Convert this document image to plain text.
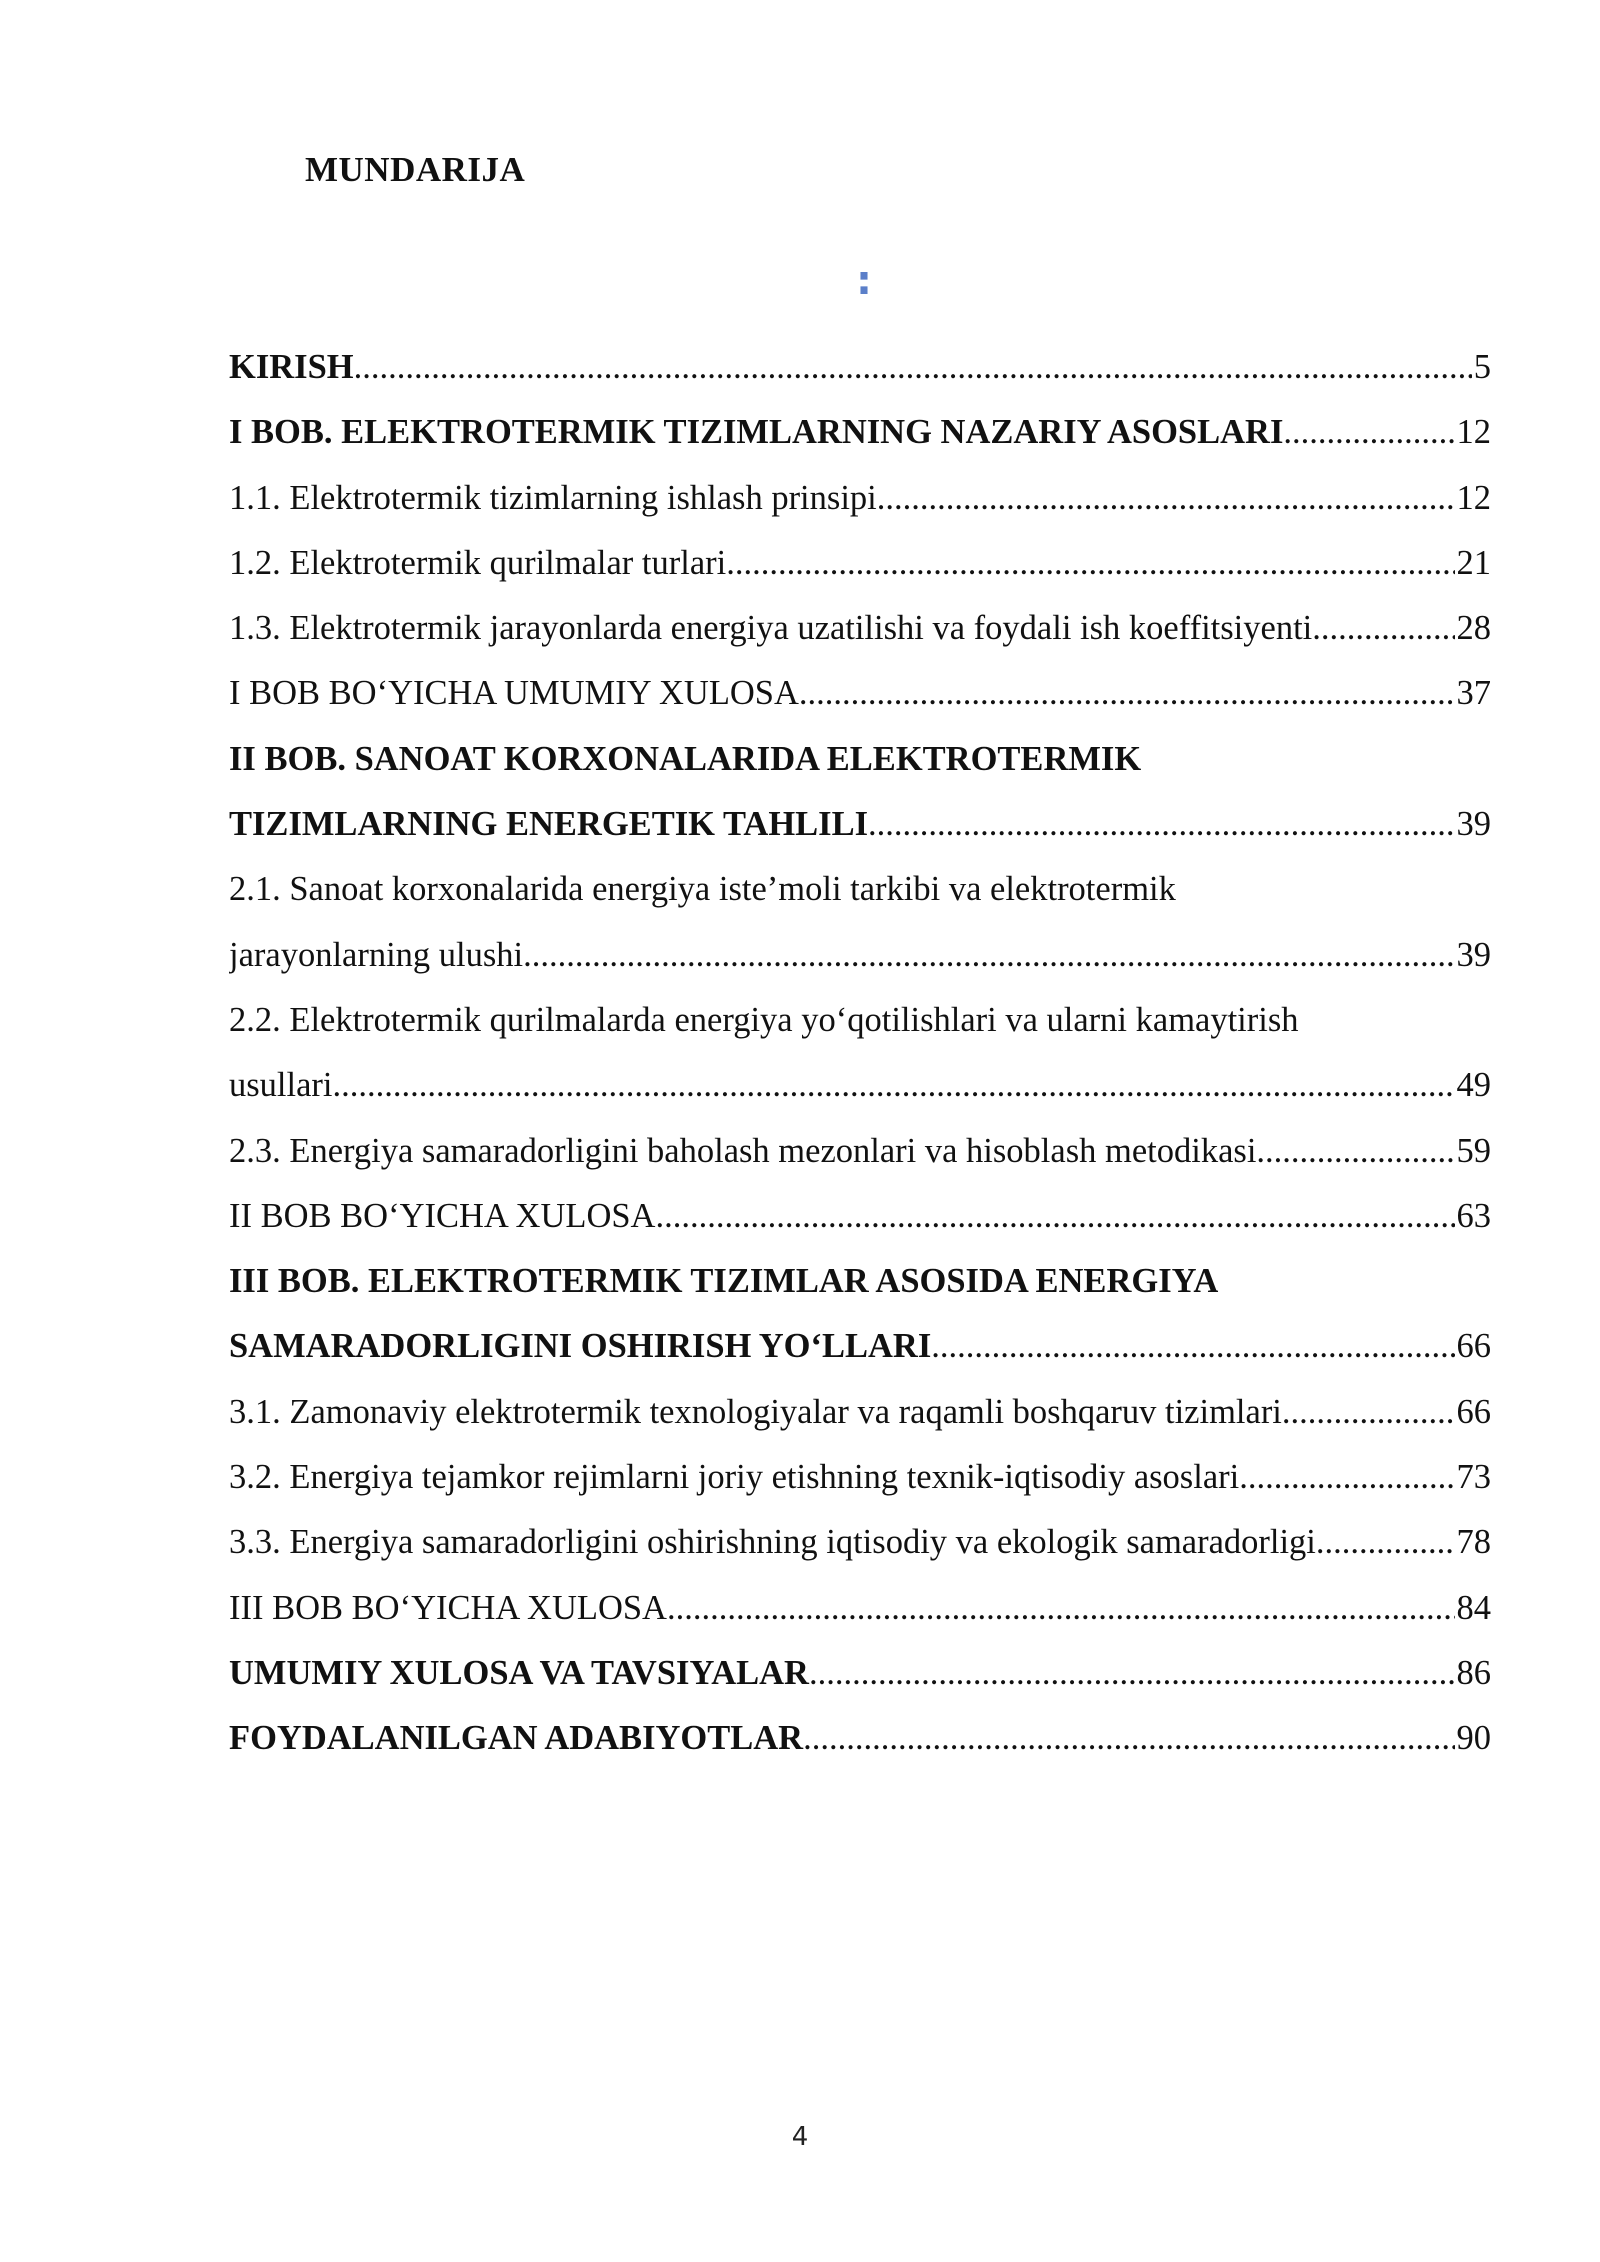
MUNDARIJA
:
KIRISH .....	5
I BOB. ELEKTROTERMIK TIZIMLARNING NAZARIY ASOSLARI .....	12
1.1. Elektrotermik tizimlarning ishlash prinsipi .....	12
1.2. Elektrotermik qurilmalar turlari .....	21
1.3. Elektrotermik jarayonlarda energiya uzatilishi va foydali ish koeffitsiyenti .....	28
I BOB BO‘YICHA UMUMIY XULOSA .....	37
II BOB. SANOAT KORXONALARIDA ELEKTROTERMIK
TIZIMLARNING ENERGETIK TAHLILI .....	39
2.1. Sanoat korxonalarida energiya iste’moli tarkibi va elektrotermik
jarayonlarning ulushi .....	39
2.2. Elektrotermik qurilmalarda energiya yo‘qotilishlari va ularni kamaytirish
usullari .....	49
2.3. Energiya samaradorligini baholash mezonlari va hisoblash metodikasi .....	59
II BOB BO‘YICHA XULOSA .....	63
III BOB. ELEKTROTERMIK TIZIMLAR ASOSIDA ENERGIYA
SAMARADORLIGINI OSHIRISH YO‘LLARI .....	66
3.1. Zamonaviy elektrotermik texnologiyalar va raqamli boshqaruv tizimlari .....	66
3.2. Energiya tejamkor rejimlarni joriy etishning texnik-iqtisodiy asoslari .....	73
3.3. Energiya samaradorligini oshirishning iqtisodiy va ekologik samaradorligi .....	78
III BOB BO‘YICHA XULOSA .....	84
UMUMIY XULOSA VA TAVSIYALAR .....	86
FOYDALANILGAN ADABIYOTLAR .....	90
4
